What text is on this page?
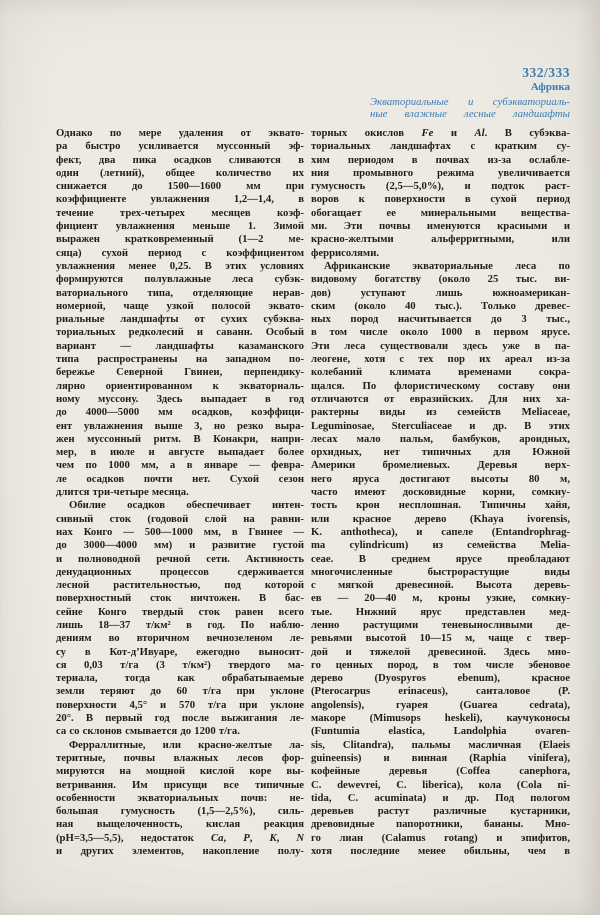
332/333
Африка
Экваториальные и субэкваториаль-
ные влажные лесные ландшафты
Однако по мере удаления от эквато-
ра быстро усиливается муссонный эф-
фект, два пика осадков сливаются в
один (летний), общее количество их
снижается до 1500—1600 мм при
коэффициенте увлажнения 1,2—1,4, в
течение трех-четырех месяцев коэф-
фициент увлажнения меньше 1. Зимой
выражен кратковременный (1—2 ме-
сяца) сухой период с коэффициентом
увлажнения менее 0,25. В этих условиях
формируются полувлажные леса субэк-
ваториального типа, отделяющие нерав-
номерной, чаще узкой полосой эквато-
риальные ландшафты от сухих субэква-
ториальных редколесий и саванн. Особый
вариант — ландшафты казаманского
типа распространены на западном по-
бережье Северной Гвинеи, перпендику-
лярно ориентированном к экваториаль-
ному муссону. Здесь выпадает в год
до 4000—5000 мм осадков, коэффици-
ент увлажнения выше 3, но резко выра-
жен муссонный ритм. В Конакри, напри-
мер, в июле и августе выпадает более
чем по 1000 мм, а в январе — февра-
ле осадков почти нет. Сухой сезон
длится три-четыре месяца.
Обилие осадков обеспечивает интен-
сивный сток (годовой слой на равни-
нах Конго — 500—1000 мм, в Гвинее —
до 3000—4000 мм) и развитие густой
и полноводной речной сети. Активность
денудационных процессов сдерживается
лесной растительностью, под которой
поверхностный сток ничтожен. В бас-
сейне Конго твердый сток равен всего
лишь 18—37 т/км² в год. По наблю-
дениям во вторичном вечнозеленом ле-
су в Кот-д’Ивуаре, ежегодно выносит-
ся 0,03 т/га (3 т/км²) твердого ма-
териала, тогда как обрабатываемые
земли теряют до 60 т/га при уклоне
поверхности 4,5° и 570 т/га при уклоне
20°. В первый год после выжигания ле-
са со склонов смывается до 1200 т/га.
Ферраллитные, или красно-желтые ла-
теритные, почвы влажных лесов фор-
мируются на мощной кислой коре вы-
ветривания. Им присущи все типичные
особенности экваториальных почв: не-
большая гумусность (1,5—2,5%), силь-
ная выщелоченность, кислая реакция
(рН=3,5—5,5), недостаток Ca, P, K, N
и других элементов, накопление полу-
торных окислов Fe и Al. В субэква-
ториальных ландшафтах с кратким су-
хим периодом в почвах из-за ослабле-
ния промывного режима увеличивается
гумусность (2,5—5,0%), и подток раст-
воров к поверхности в сухой период
обогащает ее минеральными вещества-
ми. Эти почвы именуются красными и
красно-желтыми альферритными, или
феррисолями.
Африканские экваториальные леса по
видовому богатству (около 25 тыс. ви-
дов) уступают лишь южноамерикан-
ским (около 40 тыс.). Только древес-
ных пород насчитывается до 3 тыс.,
в том числе около 1000 в первом ярусе.
Эти леса существовали здесь уже в па-
леогене, хотя с тех пор их ареал из-за
колебаний климата временами сокра-
щался. По флористическому составу они
отличаются от евразийских. Для них ха-
рактерны виды из семейств Meliaceae,
Leguminosae, Sterculiaceae и др. В этих
лесах мало пальм, бамбуков, ароидных,
орхидных, нет типичных для Южной
Америки бромелиевых. Деревья верх-
него яруса достигают высоты 80 м,
часто имеют досковидные корни, сомкну-
тость крон несплошная. Типичны хайя,
или красное дерево (Khaya ivorensis,
K. anthotheca), и сапеле (Entandrophrag-
ma cylindricum) из семейства Melia-
ceae. В среднем ярусе преобладают
многочисленные быстрорастущие виды
с мягкой древесиной. Высота деревь-
ев — 20—40 м, кроны узкие, сомкну-
тые. Нижний ярус представлен мед-
ленно растущими теневыносливыми де-
ревьями высотой 10—15 м, чаще с твер-
дой и тяжелой древесиной. Здесь мно-
го ценных пород, в том числе эбеновое
дерево (Dyospyros ebenum), красное
(Pterocarpus erinaceus), санталовое (P.
angolensis), гуарея (Guarea cedrata),
макоре (Mimusops heskeli), каучуконосы
(Funtumia elastica, Landolphia ovaren-
sis, Clitandra), пальмы масличная (Elaeis
guineensis) и винная (Raphia vinifera),
кофейные деревья (Coffea canephora,
C. dewevrei, C. liberica), кола (Cola ni-
tida, C. acuminata) и др. Под пологом
деревьев растут различные кустарники,
древовидные папоротники, бананы. Мно-
го лиан (Calamus rotang) и эпифитов,
хотя последние менее обильны, чем в
